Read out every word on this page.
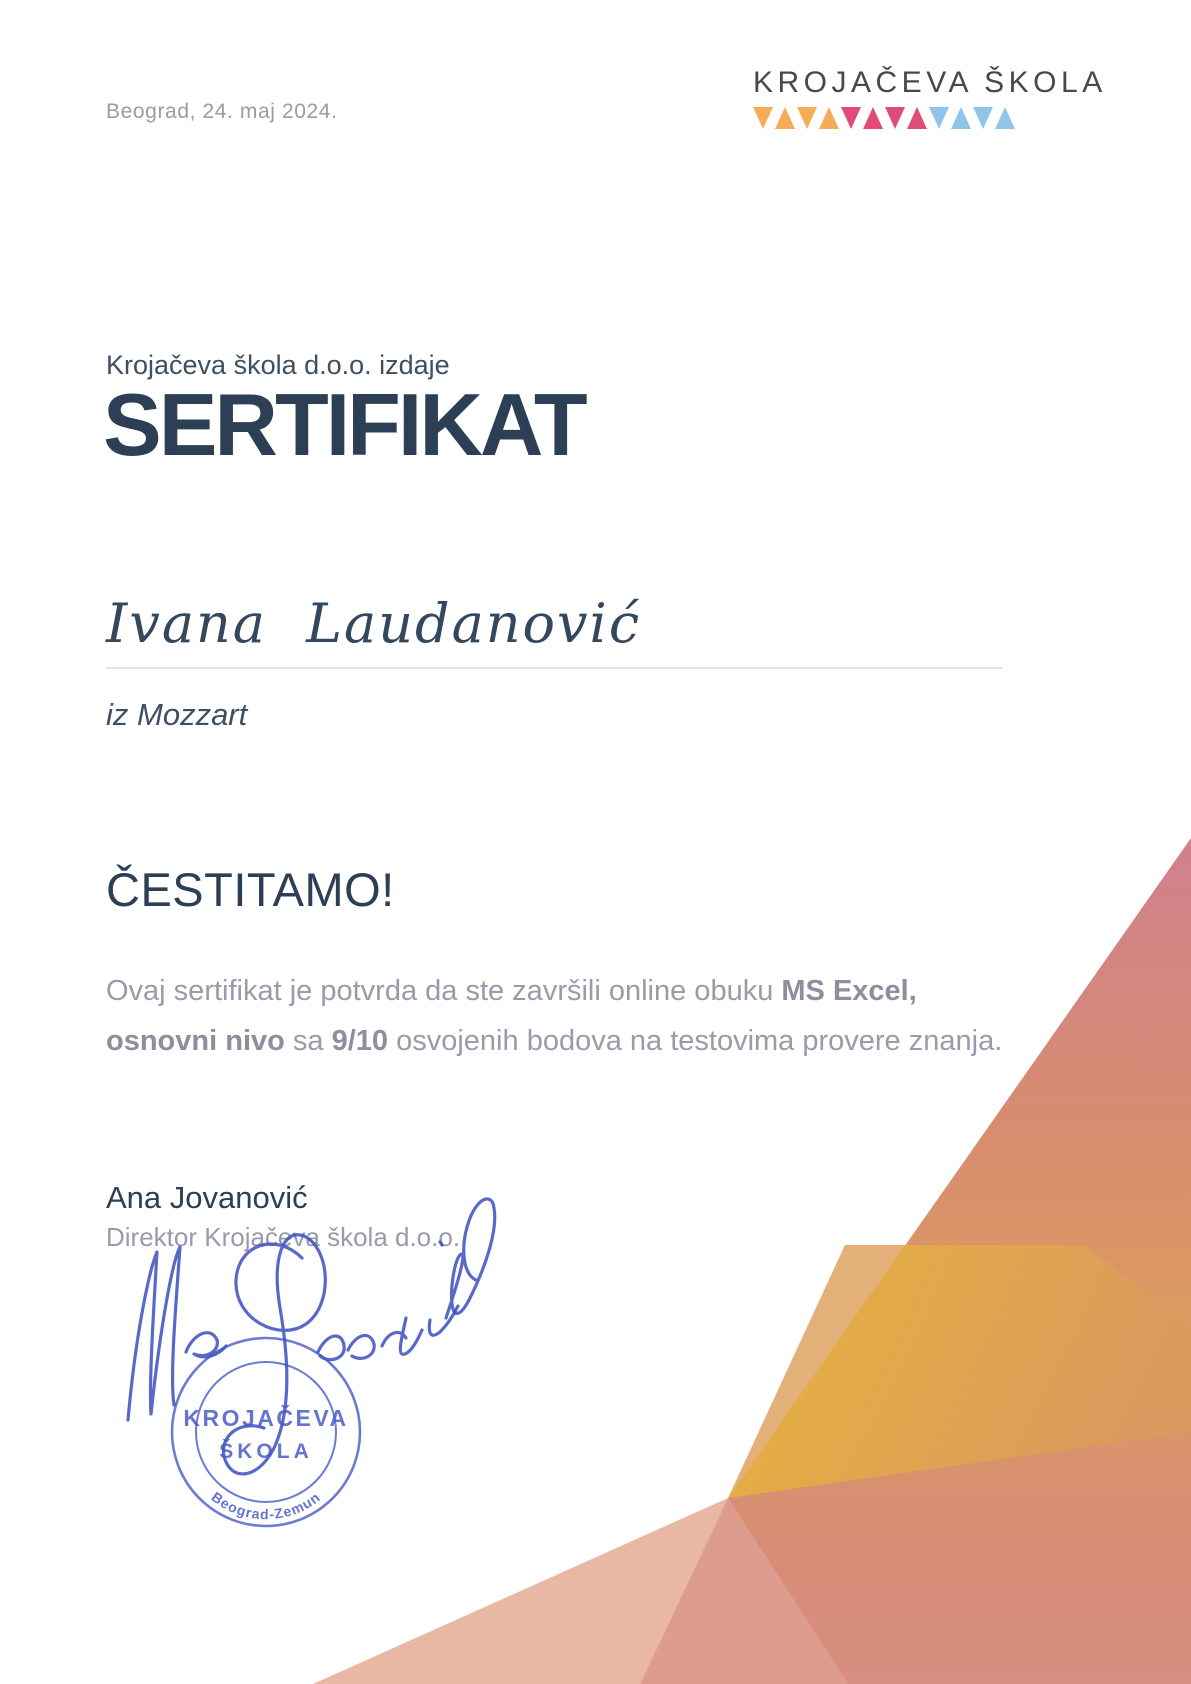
Beograd, 24. maj 2024.
KROJAČEVA ŠKOLA
Krojačeva škola d.o.o. izdaje
SERTIFIKAT
Ivana Laudanović
iz Mozzart
ČESTITAMO!

Ovaj sertifikat je potvrda da ste završili online obuku MS Excel, osnovni nivo sa 9/10 osvojenih bodova na testovima provere znanja.

Ana Jovanović
Direktor Krojačeva škola d.o.o.
KROJAČEVA
ŠKOLA
Beograd-Zemun
